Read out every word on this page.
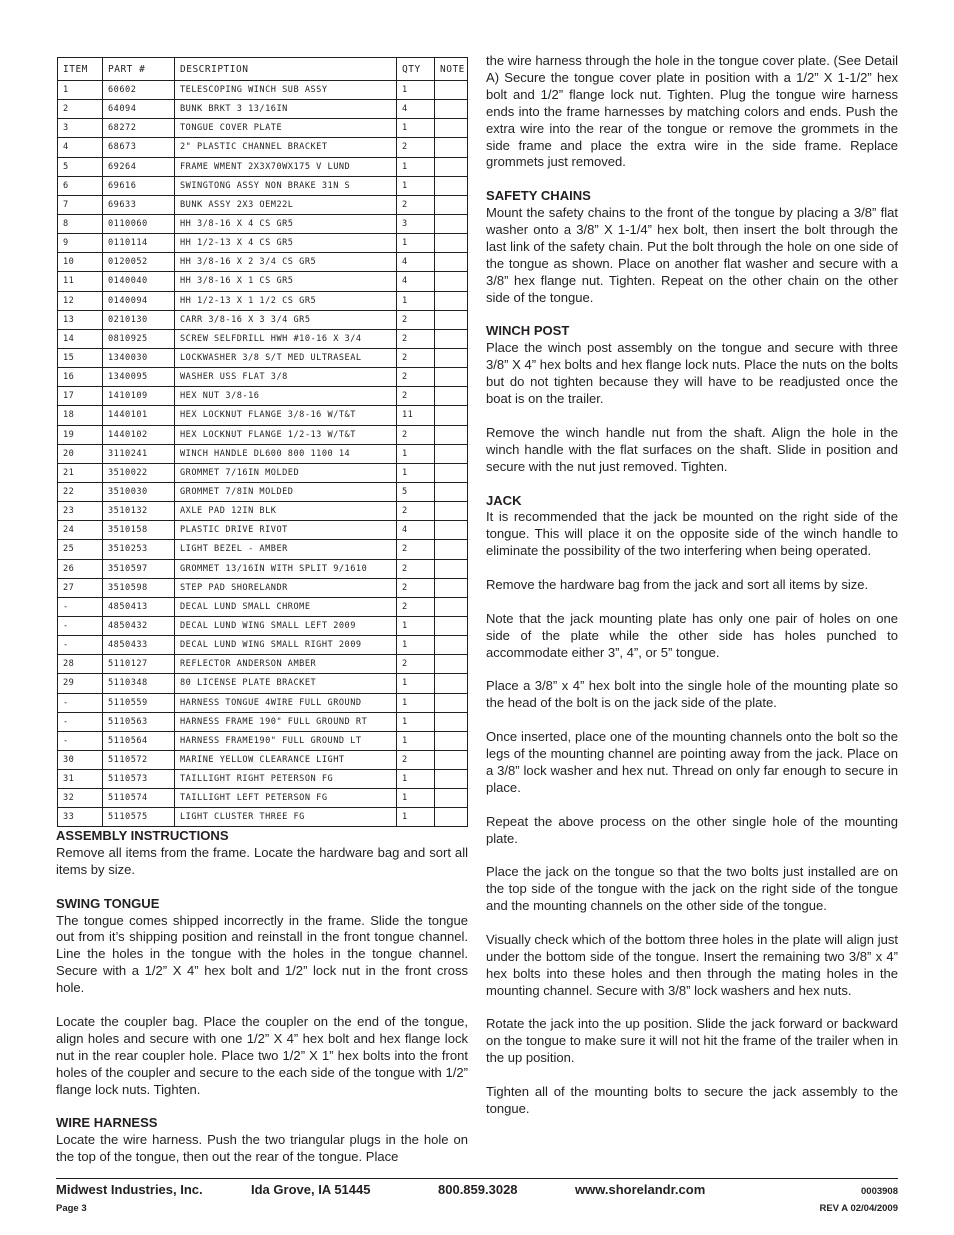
ITEM	PART #	DESCRIPTION	QTY	NOTE
1	60602	TELESCOPING WINCH SUB ASSY	1	
2	64094	BUNK BRKT 3 13/16IN	4	
3	68272	TONGUE COVER PLATE	1	
4	68673	2" PLASTIC CHANNEL BRACKET	2	
5	69264	FRAME WMENT 2X3X70WX175 V LUND	1	
6	69616	SWINGTONG ASSY NON BRAKE 31N S	1	
7	69633	BUNK ASSY 2X3 OEM22L	2	
8	0110060	HH 3/8-16 X 4 CS GR5	3	
9	0110114	HH 1/2-13 X 4 CS GR5	1	
10	0120052	HH 3/8-16 X 2 3/4 CS GR5	4	
11	0140040	HH 3/8-16 X 1 CS GR5	4	
12	0140094	HH 1/2-13 X 1 1/2 CS GR5	1	
13	0210130	CARR 3/8-16 X 3 3/4 GR5	2	
14	0810925	SCREW SELFDRILL HWH #10-16 X 3/4	2	
15	1340030	LOCKWASHER 3/8 S/T MED ULTRASEAL	2	
16	1340095	WASHER USS FLAT 3/8	2	
17	1410109	HEX NUT 3/8-16	2	
18	1440101	HEX LOCKNUT FLANGE 3/8-16 W/T&T	11	
19	1440102	HEX LOCKNUT FLANGE 1/2-13 W/T&T	2	
20	3110241	WINCH HANDLE DL600 800 1100 14	1	
21	3510022	GROMMET 7/16IN MOLDED	1	
22	3510030	GROMMET 7/8IN MOLDED	5	
23	3510132	AXLE PAD 12IN BLK	2	
24	3510158	PLASTIC DRIVE RIVOT	4	
25	3510253	LIGHT BEZEL - AMBER	2	
26	3510597	GROMMET 13/16IN WITH SPLIT 9/1610	2	
27	3510598	STEP PAD SHORELANDR	2	
-	4850413	DECAL LUND SMALL CHROME	2	
-	4850432	DECAL LUND WING SMALL LEFT 2009	1	
-	4850433	DECAL LUND WING SMALL RIGHT 2009	1	
28	5110127	REFLECTOR ANDERSON AMBER	2	
29	5110348	80 LICENSE PLATE BRACKET	1	
-	5110559	HARNESS TONGUE 4WIRE FULL GROUND	1	
-	5110563	HARNESS FRAME 190" FULL GROUND RT	1	
-	5110564	HARNESS FRAME190" FULL GROUND LT	1	
30	5110572	MARINE YELLOW CLEARANCE LIGHT	2	
31	5110573	TAILLIGHT RIGHT PETERSON FG	1	
32	5110574	TAILLIGHT LEFT PETERSON FG	1	
33	5110575	LIGHT CLUSTER THREE FG	1	
ASSEMBLY INSTRUCTIONS

Remove all items from the frame. Locate the hardware bag and sort all items by size.

SWING TONGUE

The tongue comes shipped incorrectly in the frame. Slide the tongue out from it’s shipping position and reinstall in the front tongue channel. Line the holes in the tongue with the holes in the tongue channel. Secure with a 1/2” X 4” hex bolt and 1/2” lock nut in the front cross hole.

Locate the coupler bag. Place the coupler on the end of the tongue, align holes and secure with one 1/2” X 4” hex bolt and hex flange lock nut in the rear coupler hole. Place two 1/2” X 1” hex bolts into the front holes of the coupler and secure to the each side of the tongue with 1/2” flange lock nuts. Tighten.

WIRE HARNESS

Locate the wire harness. Push the two triangular plugs in the hole on the top of the tongue, then out the rear of the tongue. Place

the wire harness through the hole in the tongue cover plate. (See Detail A) Secure the tongue cover plate in position with a 1/2” X 1-1/2” hex bolt and 1/2” flange lock nut. Tighten. Plug the tongue wire harness ends into the frame harnesses by matching colors and ends. Push the extra wire into the rear of the tongue or remove the grommets in the side frame and place the extra wire in the side frame. Replace grommets just removed.

SAFETY CHAINS

Mount the safety chains to the front of the tongue by placing a 3/8” flat washer onto a 3/8” X 1-1/4” hex bolt, then insert the bolt through the last link of the safety chain. Put the bolt through the hole on one side of the tongue as shown. Place on another flat washer and secure with a 3/8” hex flange nut. Tighten. Repeat on the other chain on the other side of the tongue.

WINCH POST

Place the winch post assembly on the tongue and secure with three 3/8” X 4” hex bolts and hex flange lock nuts. Place the nuts on the bolts but do not tighten because they will have to be readjusted once the boat is on the trailer.

Remove the winch handle nut from the shaft. Align the hole in the winch handle with the flat surfaces on the shaft. Slide in position and secure with the nut just removed. Tighten.

JACK

It is recommended that the jack be mounted on the right side of the tongue. This will place it on the opposite side of the winch handle to eliminate the possibility of the two interfering when being operated.

Remove the hardware bag from the jack and sort all items by size.

Note that the jack mounting plate has only one pair of holes on one side of the plate while the other side has holes punched to accommodate either 3”, 4”, or 5” tongue.

Place a 3/8” x 4” hex bolt into the single hole of the mounting plate so the head of the bolt is on the jack side of the plate.

Once inserted, place one of the mounting channels onto the bolt so the legs of the mounting channel are pointing away from the jack. Place on a 3/8” lock washer and hex nut. Thread on only far enough to secure in place.

Repeat the above process on the other single hole of the mounting plate.

Place the jack on the tongue so that the two bolts just installed are on the top side of the tongue with the jack on the right side of the tongue and the mounting channels on the other side of the tongue.

Visually check which of the bottom three holes in the plate will align just under the bottom side of the tongue. Insert the remaining two 3/8” x 4” hex bolts into these holes and then through the mating holes in the mounting channel. Secure with 3/8” lock washers and hex nuts.

Rotate the jack into the up position. Slide the jack forward or backward on the tongue to make sure it will not hit the frame of the trailer when in the up position.

Tighten all of the mounting bolts to secure the jack assembly to the tongue.

Midwest Industries, Inc.	Ida Grove, IA 51445	800.859.3028	www.shorelandr.com	0003908
Page 3	REV A 02/04/2009
